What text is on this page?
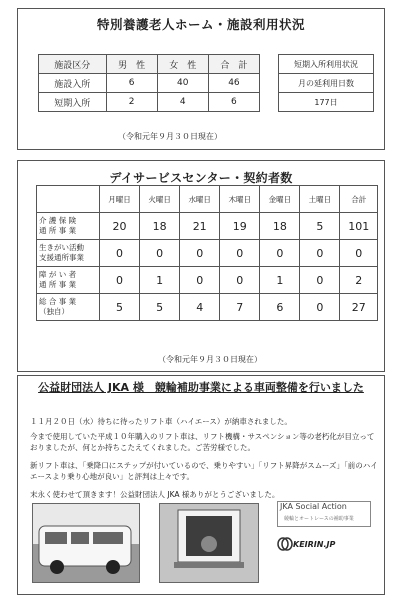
特別養護老人ホーム・施設利用状況
施設区分	男　性	女　性	合　計
施設入所	6	40	46
短期入所	2	4	6
短期入所利用状況
月の延利用日数
177日
（令和元年９月３０日現在）
デイサービスセンター・契約者数
	月曜日	火曜日	水曜日	木曜日	金曜日	土曜日	合計

介 護 保 険
通 所 事 業	20	18	21	19	18	5	101

生きがい活動
支援通所事業	0	0	0	0	0	0	0

障 が い 者
通 所 事 業	0	1	0	0	1	0	2

総 合 事 業
（独自）	5	5	4	7	6	0	27
（令和元年９月３０日現在）
公益財団法人 JKA 様　競輪補助事業による車両整備を行いました
１１月２０日（水）待ちに待ったリフト車（ハイエース）が納車されました。
今まで使用していた平成１０年購入のリフト車は、リフト機構・サスペンション等の老朽化が目立っておりましたが、何とか持ちこたえてくれました。ご苦労様でした。
新リフト車は、「乗降口にステップが付いているので、乗りやすい」「リフト昇降がスムーズ」「前のハイエースより乗り心地が良い」と評判は上々です。
末永く使わせて頂きます！公益財団法人 JKA 様ありがとうございました。
JKA Social Action
競輪とオートレースの補助事業
KEIRIN.JP
